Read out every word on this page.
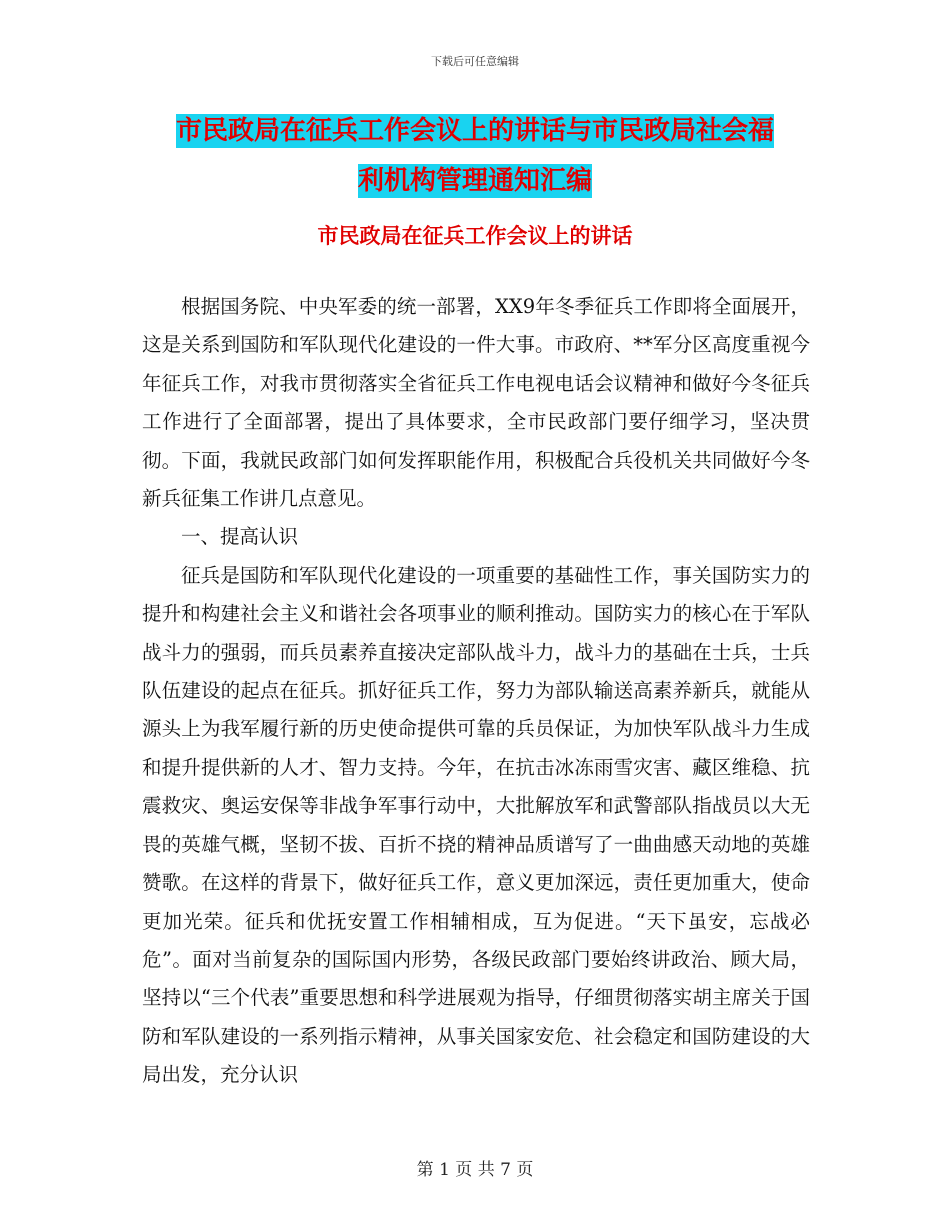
下载后可任意编辑
市民政局在征兵工作会议上的讲话与市民政局社会福
利机构管理通知汇编
市民政局在征兵工作会议上的讲话

根据国务院、中央军委的统一部署，XX9年冬季征兵工作即将全面展开，这是关系到国防和军队现代化建设的一件大事。市政府、**军分区高度重视今年征兵工作，对我市贯彻落实全省征兵工作电视电话会议精神和做好今冬征兵工作进行了全面部署，提出了具体要求，全市民政部门要仔细学习，坚决贯彻。下面，我就民政部门如何发挥职能作用，积极配合兵役机关共同做好今冬新兵征集工作讲几点意见。

一、提高认识

征兵是国防和军队现代化建设的一项重要的基础性工作，事关国防实力的提升和构建社会主义和谐社会各项事业的顺利推动。国防实力的核心在于军队战斗力的强弱，而兵员素养直接决定部队战斗力，战斗力的基础在士兵，士兵队伍建设的起点在征兵。抓好征兵工作，努力为部队输送高素养新兵，就能从源头上为我军履行新的历史使命提供可靠的兵员保证，为加快军队战斗力生成和提升提供新的人才、智力支持。今年，在抗击冰冻雨雪灾害、藏区维稳、抗震救灾、奥运安保等非战争军事行动中，大批解放军和武警部队指战员以大无畏的英雄气概，坚韧不拔、百折不挠的精神品质谱写了一曲曲感天动地的英雄赞歌。在这样的背景下，做好征兵工作，意义更加深远，责任更加重大，使命更加光荣。征兵和优抚安置工作相辅相成，互为促进。“天下虽安，忘战必危”。面对当前复杂的国际国内形势，各级民政部门要始终讲政治、顾大局，坚持以“三个代表”重要思想和科学进展观为指导，仔细贯彻落实胡主席关于国防和军队建设的一系列指示精神，从事关国家安危、社会稳定和国防建设的大局出发，充分认识

第 1 页 共 7 页
